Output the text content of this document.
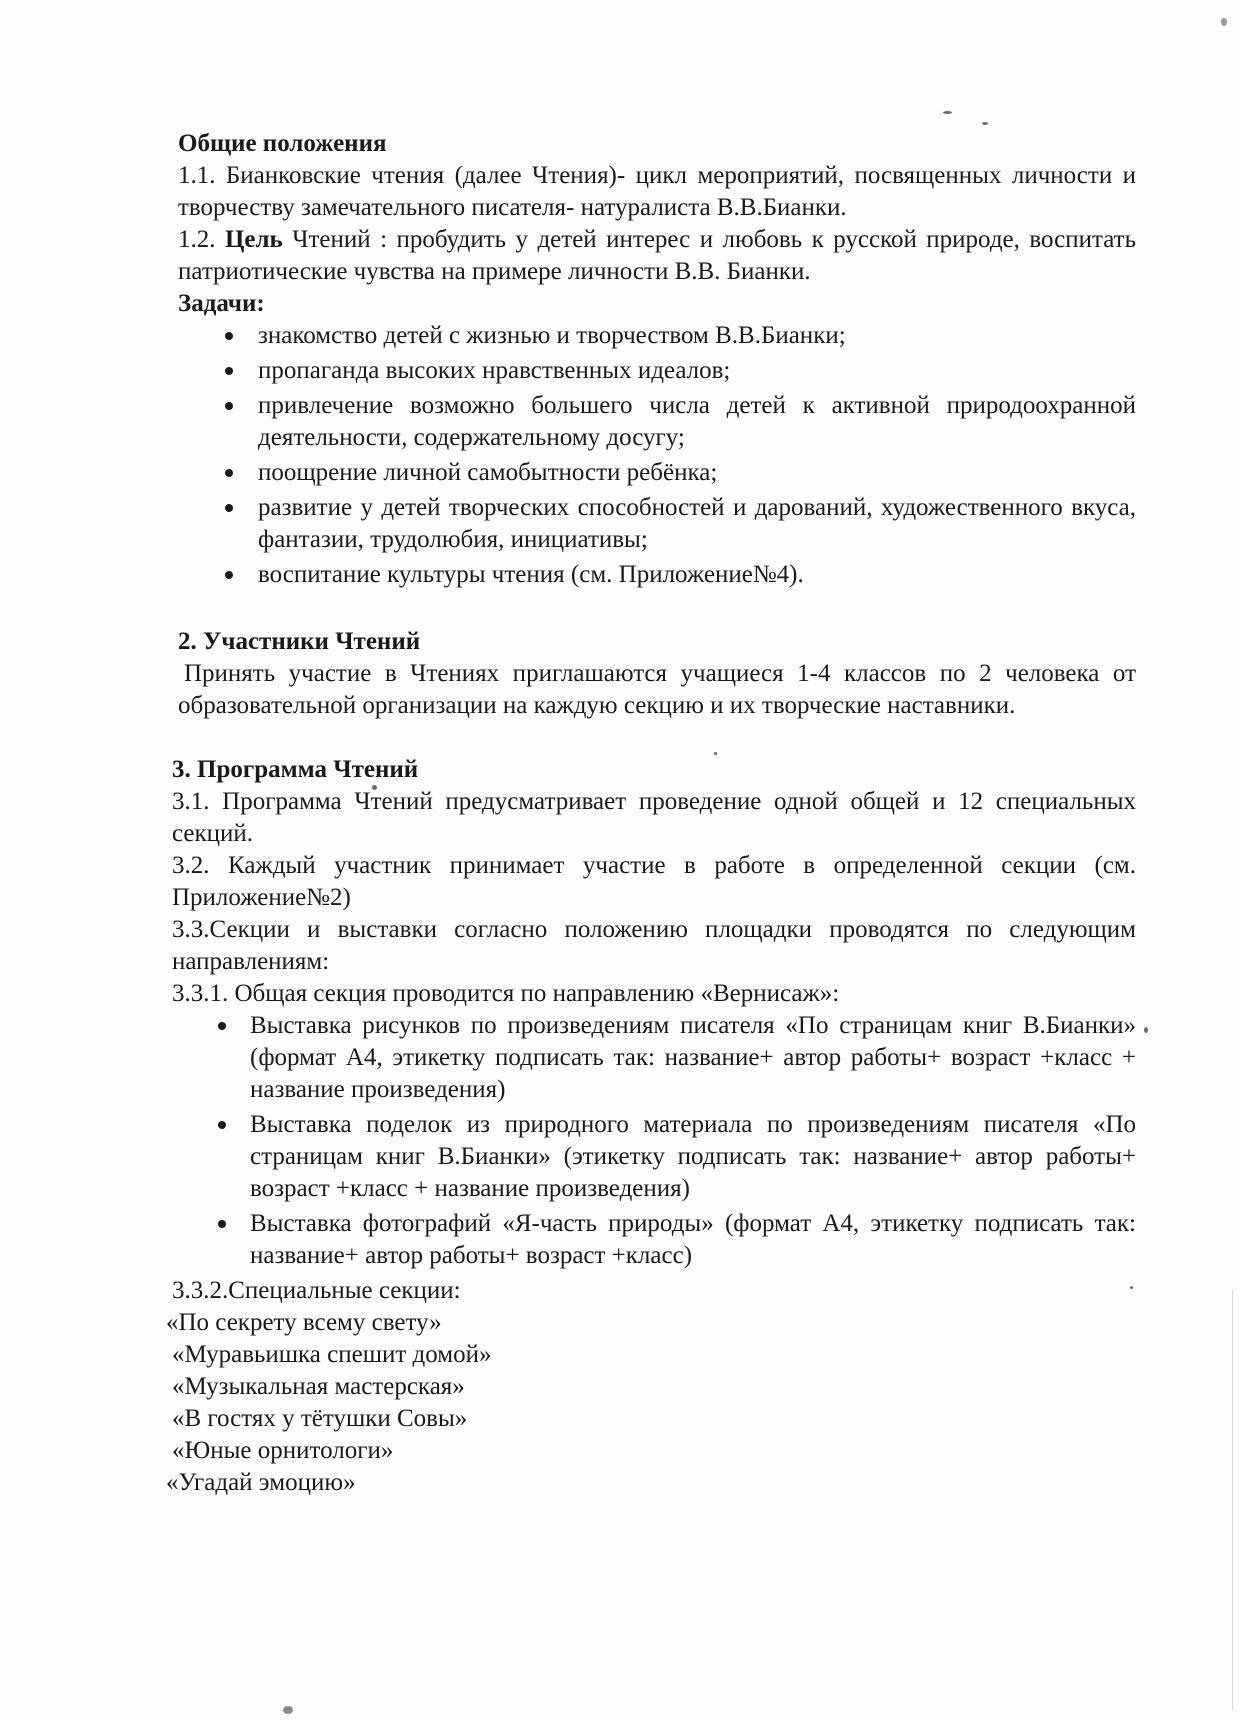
Общие положения

1.1. Бианковские чтения (далее Чтения)- цикл мероприятий, посвященных личности и творчеству замечательного писателя- натуралиста В.В.Бианки.

1.2. Цель Чтений : пробудить у детей интерес и любовь к русской природе, воспитать патриотические чувства на примере личности В.В. Бианки.

Задачи:

знакомство детей с жизнью и творчеством В.В.Бианки;
пропаганда высоких нравственных идеалов;
привлечение возможно большего числа детей к активной природоохранной деятельности, содержательному досугу;
поощрение личной самобытности ребёнка;
развитие у детей творческих способностей и дарований, художественного вкуса, фантазии, трудолюбия, инициативы;
воспитание культуры чтения (см. Приложение№4).

2. Участники Чтений

Принять участие в Чтениях приглашаются учащиеся 1-4 классов по 2 человека от образовательной организации на каждую секцию и их творческие наставники.

3. Программа Чтений

3.1. Программа Чтений предусматривает проведение одной общей и 12 специальных секций.

3.2. Каждый участник принимает участие в работе в определенной секции (см. Приложение№2)

3.3.Секции и выставки согласно положению площадки проводятся по следующим направлениям:

3.3.1. Общая секция проводится по направлению «Вернисаж»:

Выставка рисунков по произведениям писателя «По страницам книг В.Бианки» (формат А4, этикетку подписать так: название+ автор работы+ возраст +класс + название произведения)
Выставка поделок из природного материала по произведениям писателя «По страницам книг В.Бианки» (этикетку подписать так: название+ автор работы+ возраст +класс + название произведения)
Выставка фотографий «Я-часть природы» (формат А4, этикетку подписать так: название+ автор работы+ возраст +класс)

3.3.2.Специальные секции:

«По секрету всему свету»
«Муравьишка спешит домой»
«Музыкальная мастерская»
«В гостях у тётушки Совы»
«Юные орнитологи»
«Угадай эмоцию»
